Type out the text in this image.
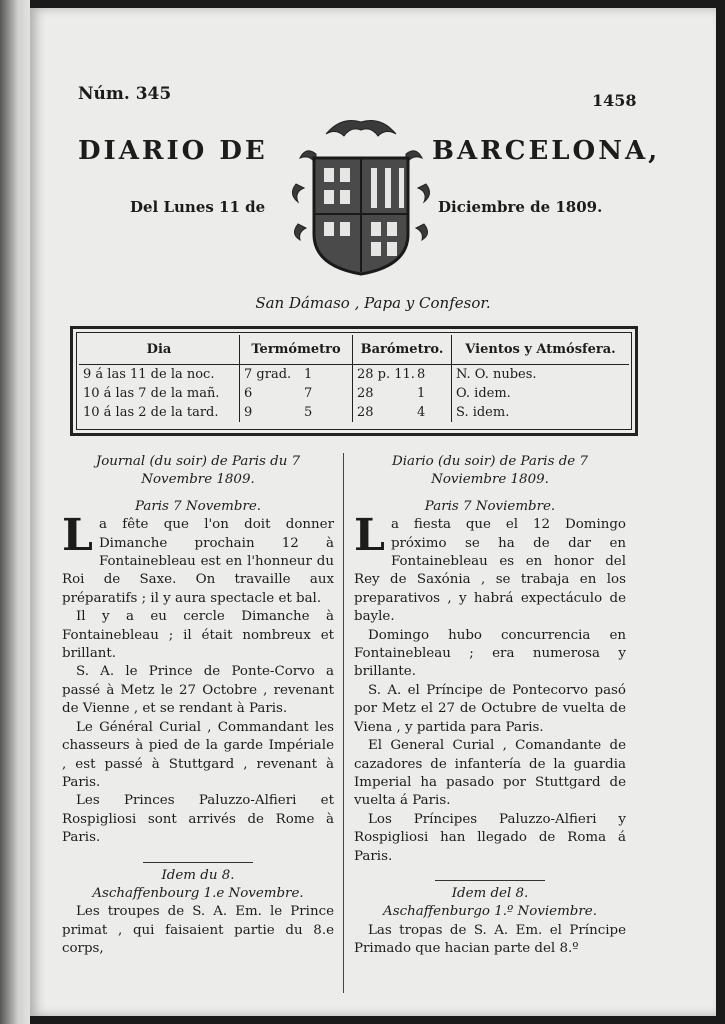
Núm. 345	1458
DIARIO DE	BARCELONA,
Del Lunes 11 de	Diciembre de 1809.
San Dámaso , Papa y Confesor.
Dia	Termómetro	Barómetro.	Vientos y Atmósfera.
9 á las 11 de la noc.	7 grad. 1	28 p. 11. 8	N. O. nubes.
10 á las 7 de la mañ.	6 7	28 1	O. idem.
10 á las 2 de la tard.	9 5	28 4	S. idem.

Journal (du soir) de Paris du 7 Novembre 1809.

Paris 7 Novembre.

La fête que l'on doit donner Dimanche prochain 12 à Fontainebleau est en l'honneur du Roi de Saxe. On travaille aux préparatifs ; il y aura spectacle et bal.

Il y a eu cercle Dimanche à Fontainebleau ; il était nombreux et brillant.

S. A. le Prince de Ponte-Corvo a passé à Metz le 27 Octobre , revenant de Vienne , et se rendant à Paris.

Le Général Curial , Commandant les chasseurs à pied de la garde Impériale , est passé à Stuttgard , revenant à Paris.

Les Princes Paluzzo-Alfieri et Rospigliosi sont arrivés de Rome à Paris.

Idem du 8.

Aschaffenbourg 1.e Novembre.

Les troupes de S. A. Em. le Prince primat , qui faisaient partie du 8.e corps,

Diario (du soir) de Paris de 7 Noviembre 1809.

Paris 7 Noviembre.

La fiesta que el 12 Domingo próximo se ha de dar en Fontainebleau es en honor del Rey de Saxónia , se trabaja en los preparativos , y habrá expectáculo de bayle.

Domingo hubo concurrencia en Fontainebleau ; era numerosa y brillante.

S. A. el Príncipe de Pontecorvo pasó por Metz el 27 de Octubre de vuelta de Viena , y partida para Paris.

El General Curial , Comandante de cazadores de infantería de la guardia Imperial ha pasado por Stuttgard de vuelta á Paris.

Los Príncipes Paluzzo-Alfieri y Rospigliosi han llegado de Roma á Paris.

Idem del 8.

Aschaffenburgo 1.º Noviembre.

Las tropas de S. A. Em. el Príncipe Primado que hacian parte del 8.º
